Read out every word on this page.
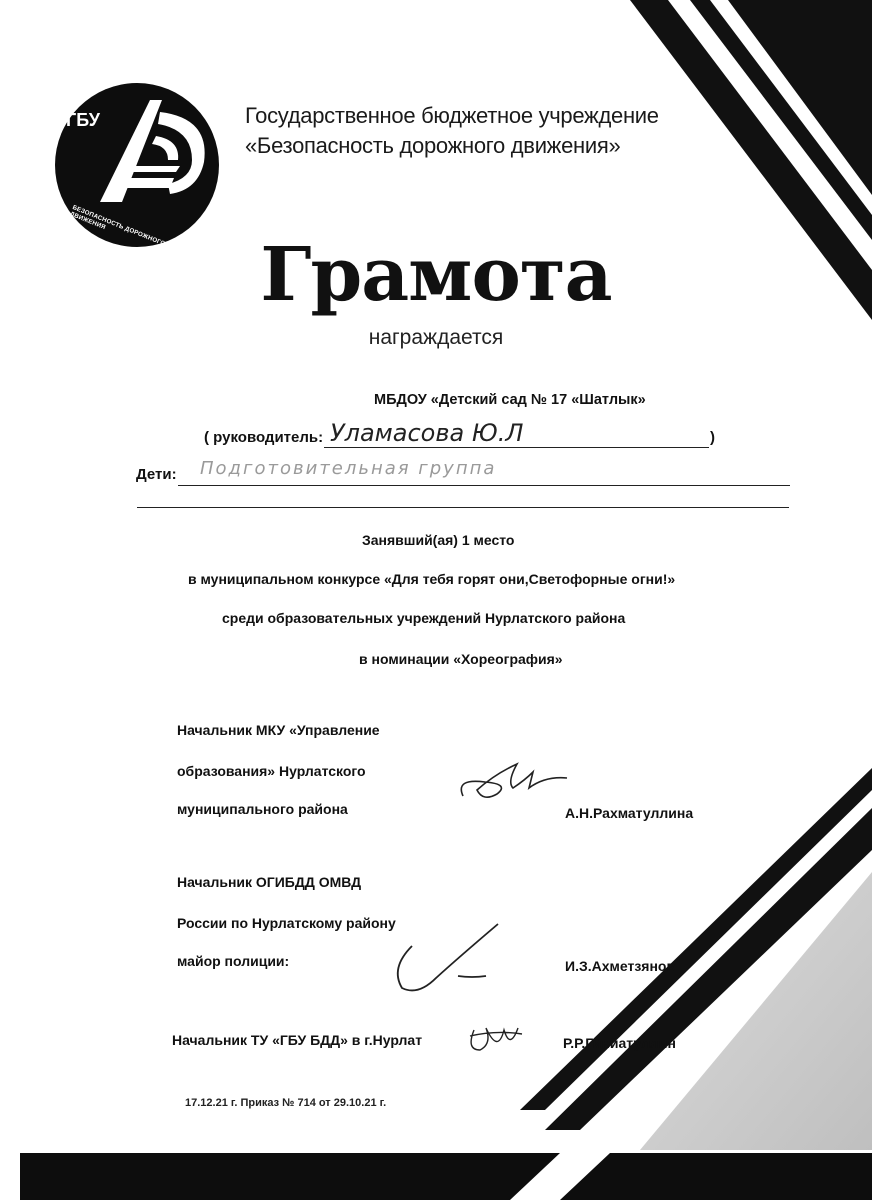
ГБУ
БЕЗОПАСНОСТЬ ДОРОЖНОГО ДВИЖЕНИЯ
Государственное бюджетное учреждение
«Безопасность дорожного движения»
Грамота
награждается
МБДОУ «Детский сад № 17 «Шатлык»
( руководитель: Уламасова Ю.Л	)
Дети: Подготовительная группа
Занявший(ая) 1 место
в муниципальном конкурсе «Для тебя горят они,Светофорные огни!»
среди образовательных учреждений Нурлатского района
в номинации «Хореография»
Начальник МКУ «Управление
образования» Нурлатского
муниципального района	А.Н.Рахматуллина
Начальник ОГИБДД ОМВД
России по Нурлатскому району
майор полиции:	И.З.Ахметзянов
Начальник ТУ «ГБУ БДД» в г.Нурлат	Р.Р.Гиниатуллин
17.12.21 г. Приказ № 714 от 29.10.21 г.
